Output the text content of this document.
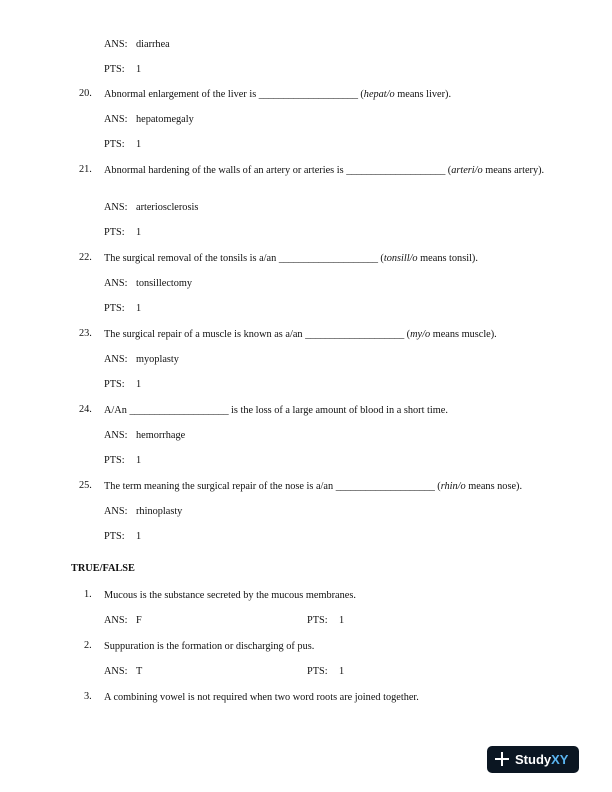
ANS: diarrhea
PTS: 1
20.	Abnormal enlargement of the liver is ____________________ (hepat/o means liver).
ANS: hepatomegaly
PTS: 1
21.	Abnormal hardening of the walls of an artery or arteries is ____________________ (arteri/o means artery).
ANS: arteriosclerosis
PTS: 1
22.	The surgical removal of the tonsils is a/an ____________________ (tonsill/o means tonsil).
ANS: tonsillectomy
PTS: 1
23.	The surgical repair of a muscle is known as a/an ____________________ (my/o means muscle).
ANS: myoplasty
PTS: 1
24.	A/An ____________________ is the loss of a large amount of blood in a short time.
ANS: hemorrhage
PTS: 1
25.	The term meaning the surgical repair of the nose is a/an ____________________ (rhin/o means nose).
ANS: rhinoplasty
PTS: 1
TRUE/FALSE
1.	Mucous is the substance secreted by the mucous membranes.
ANS: F	PTS: 1
2.	Suppuration is the formation or discharging of pus.
ANS: T	PTS: 1
3.	A combining vowel is not required when two word roots are joined together.
StudyXY
